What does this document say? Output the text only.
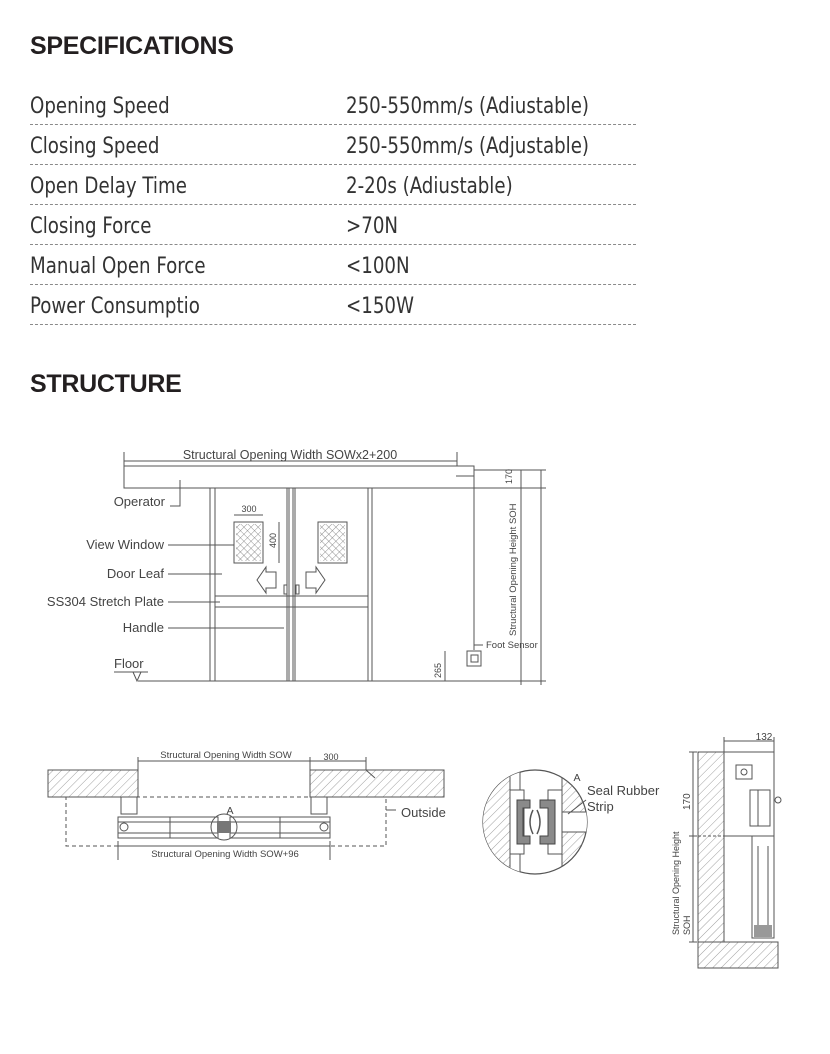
SPECIFICATIONS
Opening Speed	250-550mm/s (Adiustable)
Closing Speed	250-550mm/s (Adjustable)
Open Delay Time	2-20s (Adiustable)
Closing Force	>70N
Manual Open Force	<100N
Power Consumptio	<150W
STRUCTURE
Structural Opening Width SOWx2+200
170
Structural Opening Height SOH
300
400
Foot Sensor
265
Operator
View Window
Door Leaf
SS304 Stretch Plate
Handle
Floor
Structural Opening Width SOW	300
A
Structural Opening Width SOW+96
Outside
A
Seal Rubber
Strip
132
170
Structural Opening Height SOH
